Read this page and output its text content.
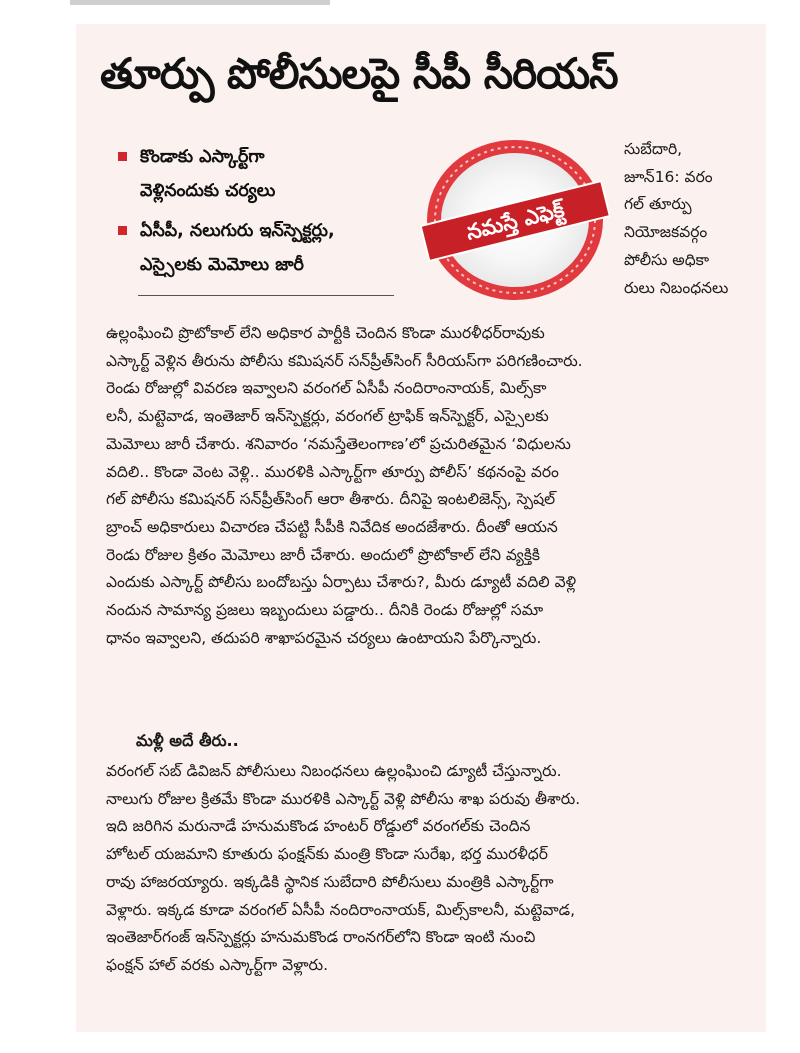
తూర్పు పోలీసులపై సీపీ సీరియస్
కొండాకు ఎస్కార్ట్‌గా
వెళ్లినందుకు చర్యలు
ఏసీపీ, నలుగురు ఇన్‌స్పెక్టర్లు,
ఎస్సైలకు మెమోలు జారీ
నమస్తే ఎఫెక్ట్
సుబేదారి,
జూన్16: వరం
గల్ తూర్పు
నియోజకవర్గం
పోలీసు అధికా
రులు నిబంధనలు
ఉల్లంఘించి ప్రొటోకాల్ లేని అధికార పార్టీకి చెందిన కొండా మురళీధర్‌రావుకు
ఎస్కార్ట్ వెళ్లిన తీరును పోలీసు కమిషనర్ సన్‌ప్రీత్‌సింగ్ సీరియస్‌గా పరిగణించారు.
రెండు రోజుల్లో వివరణ ఇవ్వాలని వరంగల్ ఏసీపీ నందిరాంనాయక్, మిల్స్‌కా
లనీ, మట్టెవాడ, ఇంతెజార్ ఇన్‌స్పెక్టర్లు, వరంగల్ ట్రాఫిక్ ఇన్‌స్పెక్టర్, ఎస్సైలకు
మెమోలు జారీ చేశారు. శనివారం ‘నమస్తేతెలంగాణ’లో ప్రచురితమైన ‘విధులను
వదిలి.. కొండా వెంట వెళ్లి.. మురళికి ఎస్కార్ట్‌గా తూర్పు పోలీస్’ కథనంపై వరం
గల్ పోలీసు కమిషనర్ సన్‌ప్రీత్‌సింగ్ ఆరా తీశారు. దీనిపై ఇంటలిజెన్స్, స్పెషల్
బ్రాంచ్ అధికారులు విచారణ చేపట్టి సీపీకి నివేదిక అందజేశారు. దీంతో ఆయన
రెండు రోజుల క్రితం మెమోలు జారీ చేశారు. అందులో ప్రొటోకాల్ లేని వ్యక్తికి
ఎందుకు ఎస్కార్ట్ పోలీసు బందోబస్తు ఏర్పాటు చేశారు?, మీరు డ్యూటీ వదిలి వెళ్లి
నందున సామాన్య ప్రజలు ఇబ్బందులు పడ్డారు.. దీనికి రెండు రోజుల్లో సమా
ధానం ఇవ్వాలని, తదుపరి శాఖాపరమైన చర్యలు ఉంటాయని పేర్కొన్నారు.
మళ్లీ అదే తీరు..
వరంగల్ సబ్ డివిజన్ పోలీసులు నిబంధనలు ఉల్లంఘించి డ్యూటీ చేస్తున్నారు.
నాలుగు రోజుల క్రితమే కొండా మురళికి ఎస్కార్ట్ వెళ్లి పోలీసు శాఖ పరువు తీశారు.
ఇది జరిగిన మరునాడే హనుమకొండ హంటర్ రోడ్డులో వరంగల్‌కు చెందిన
హోటల్ యజమాని కూతురు ఫంక్షన్‌కు మంత్రి కొండా సురేఖ, భర్త మురళీధర్
రావు హాజరయ్యారు. ఇక్కడికి స్థానిక సుబేదారి పోలీసులు మంత్రికి ఎస్కార్ట్‌గా
వెళ్లారు. ఇక్కడ కూడా వరంగల్ ఏసీపీ నందిరాంనాయక్, మిల్స్‌కాలనీ, మట్టెవాడ,
ఇంతెజార్‌గంజ్ ఇన్‌స్పెక్టర్లు హనుమకొండ రాంనగర్‌లోని కొండా ఇంటి నుంచి
ఫంక్షన్ హాల్ వరకు ఎస్కార్ట్‌గా వెళ్లారు.
